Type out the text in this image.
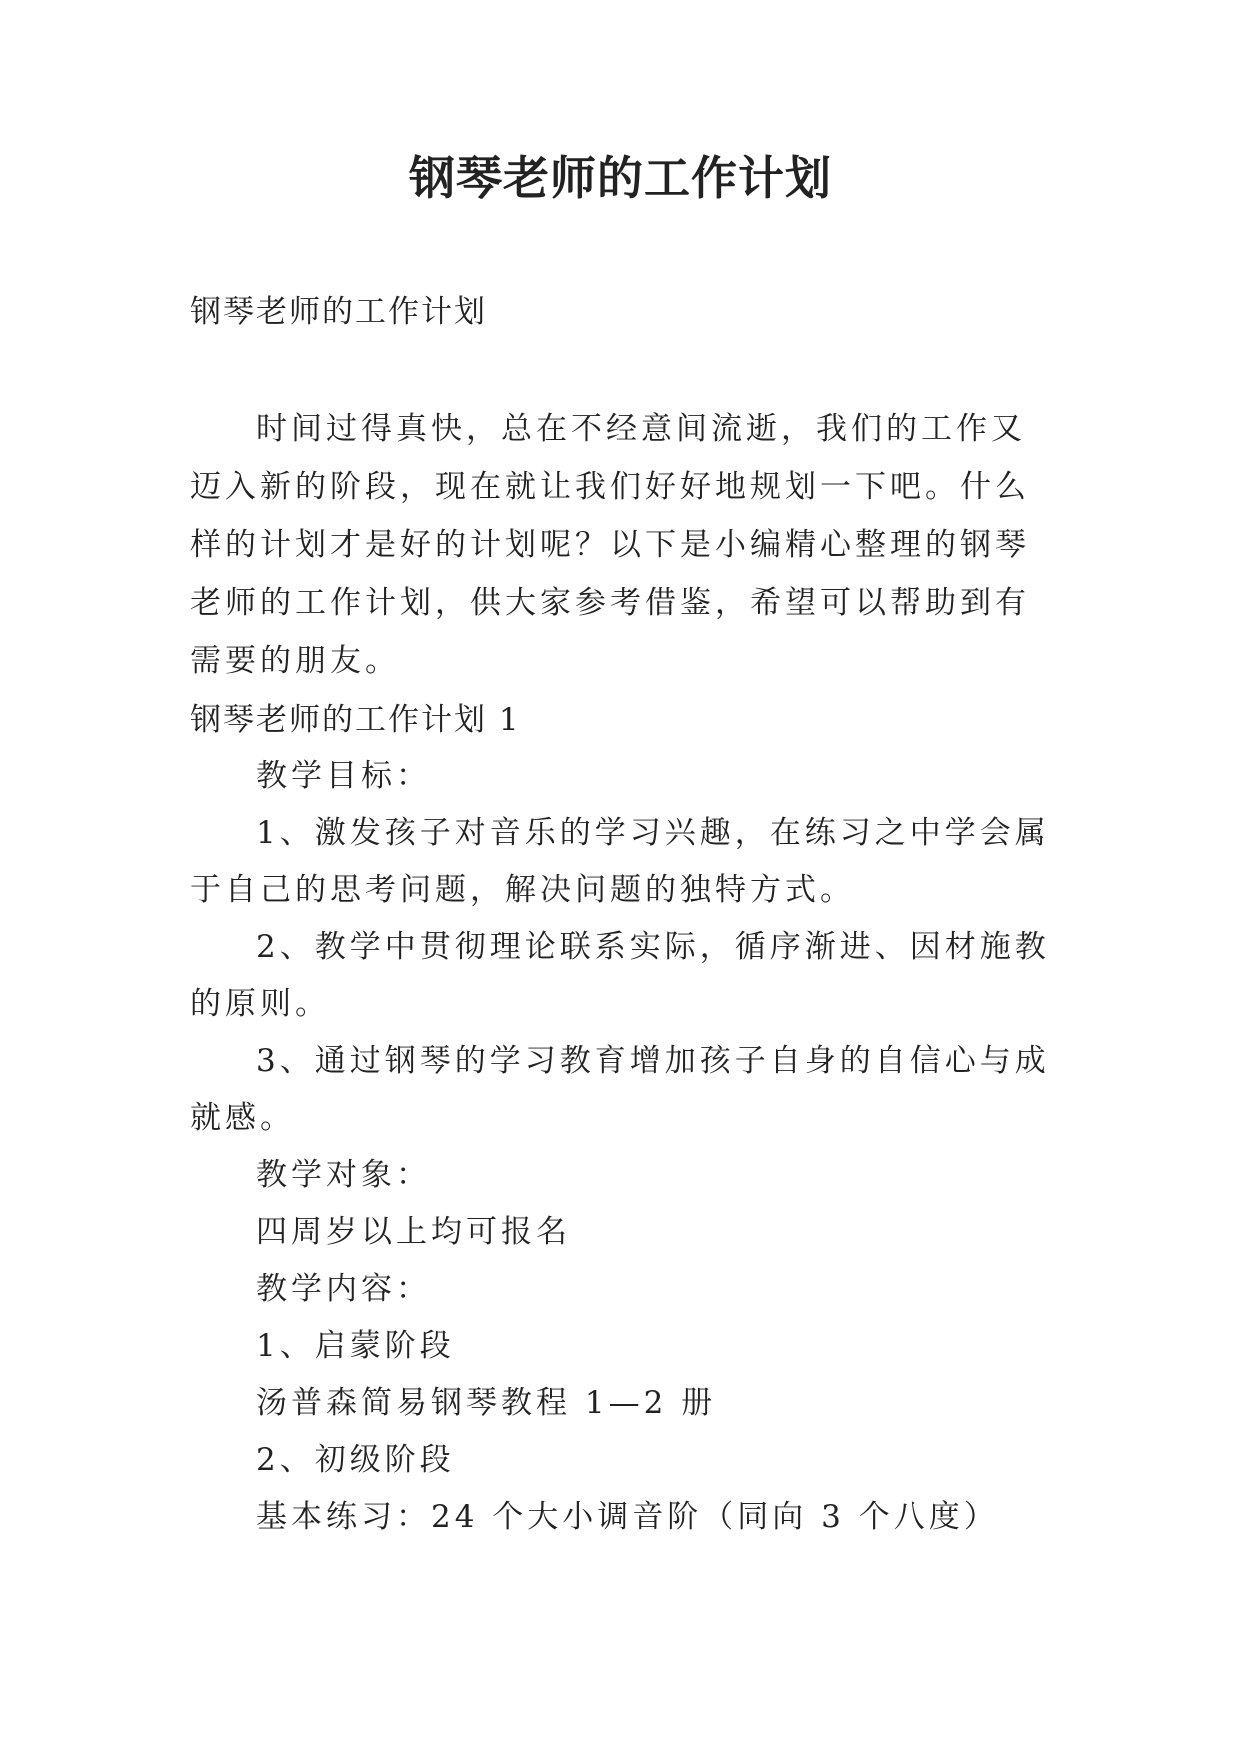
钢琴老师的工作计划
钢琴老师的工作计划
时间过得真快，总在不经意间流逝，我们的工作又迈入新的阶段，现在就让我们好好地规划一下吧。什么样的计划才是好的计划呢？以下是小编精心整理的钢琴老师的工作计划，供大家参考借鉴，希望可以帮助到有需要的朋友。
钢琴老师的工作计划 1

教学目标：

1、激发孩子对音乐的学习兴趣，在练习之中学会属于自己的思考问题，解决问题的独特方式。

2、教学中贯彻理论联系实际，循序渐进、因材施教的原则。

3、通过钢琴的学习教育增加孩子自身的自信心与成就感。

教学对象：

四周岁以上均可报名

教学内容：

1、启蒙阶段

汤普森简易钢琴教程 1—2 册

2、初级阶段

基本练习：24 个大小调音阶（同向 3 个八度）
